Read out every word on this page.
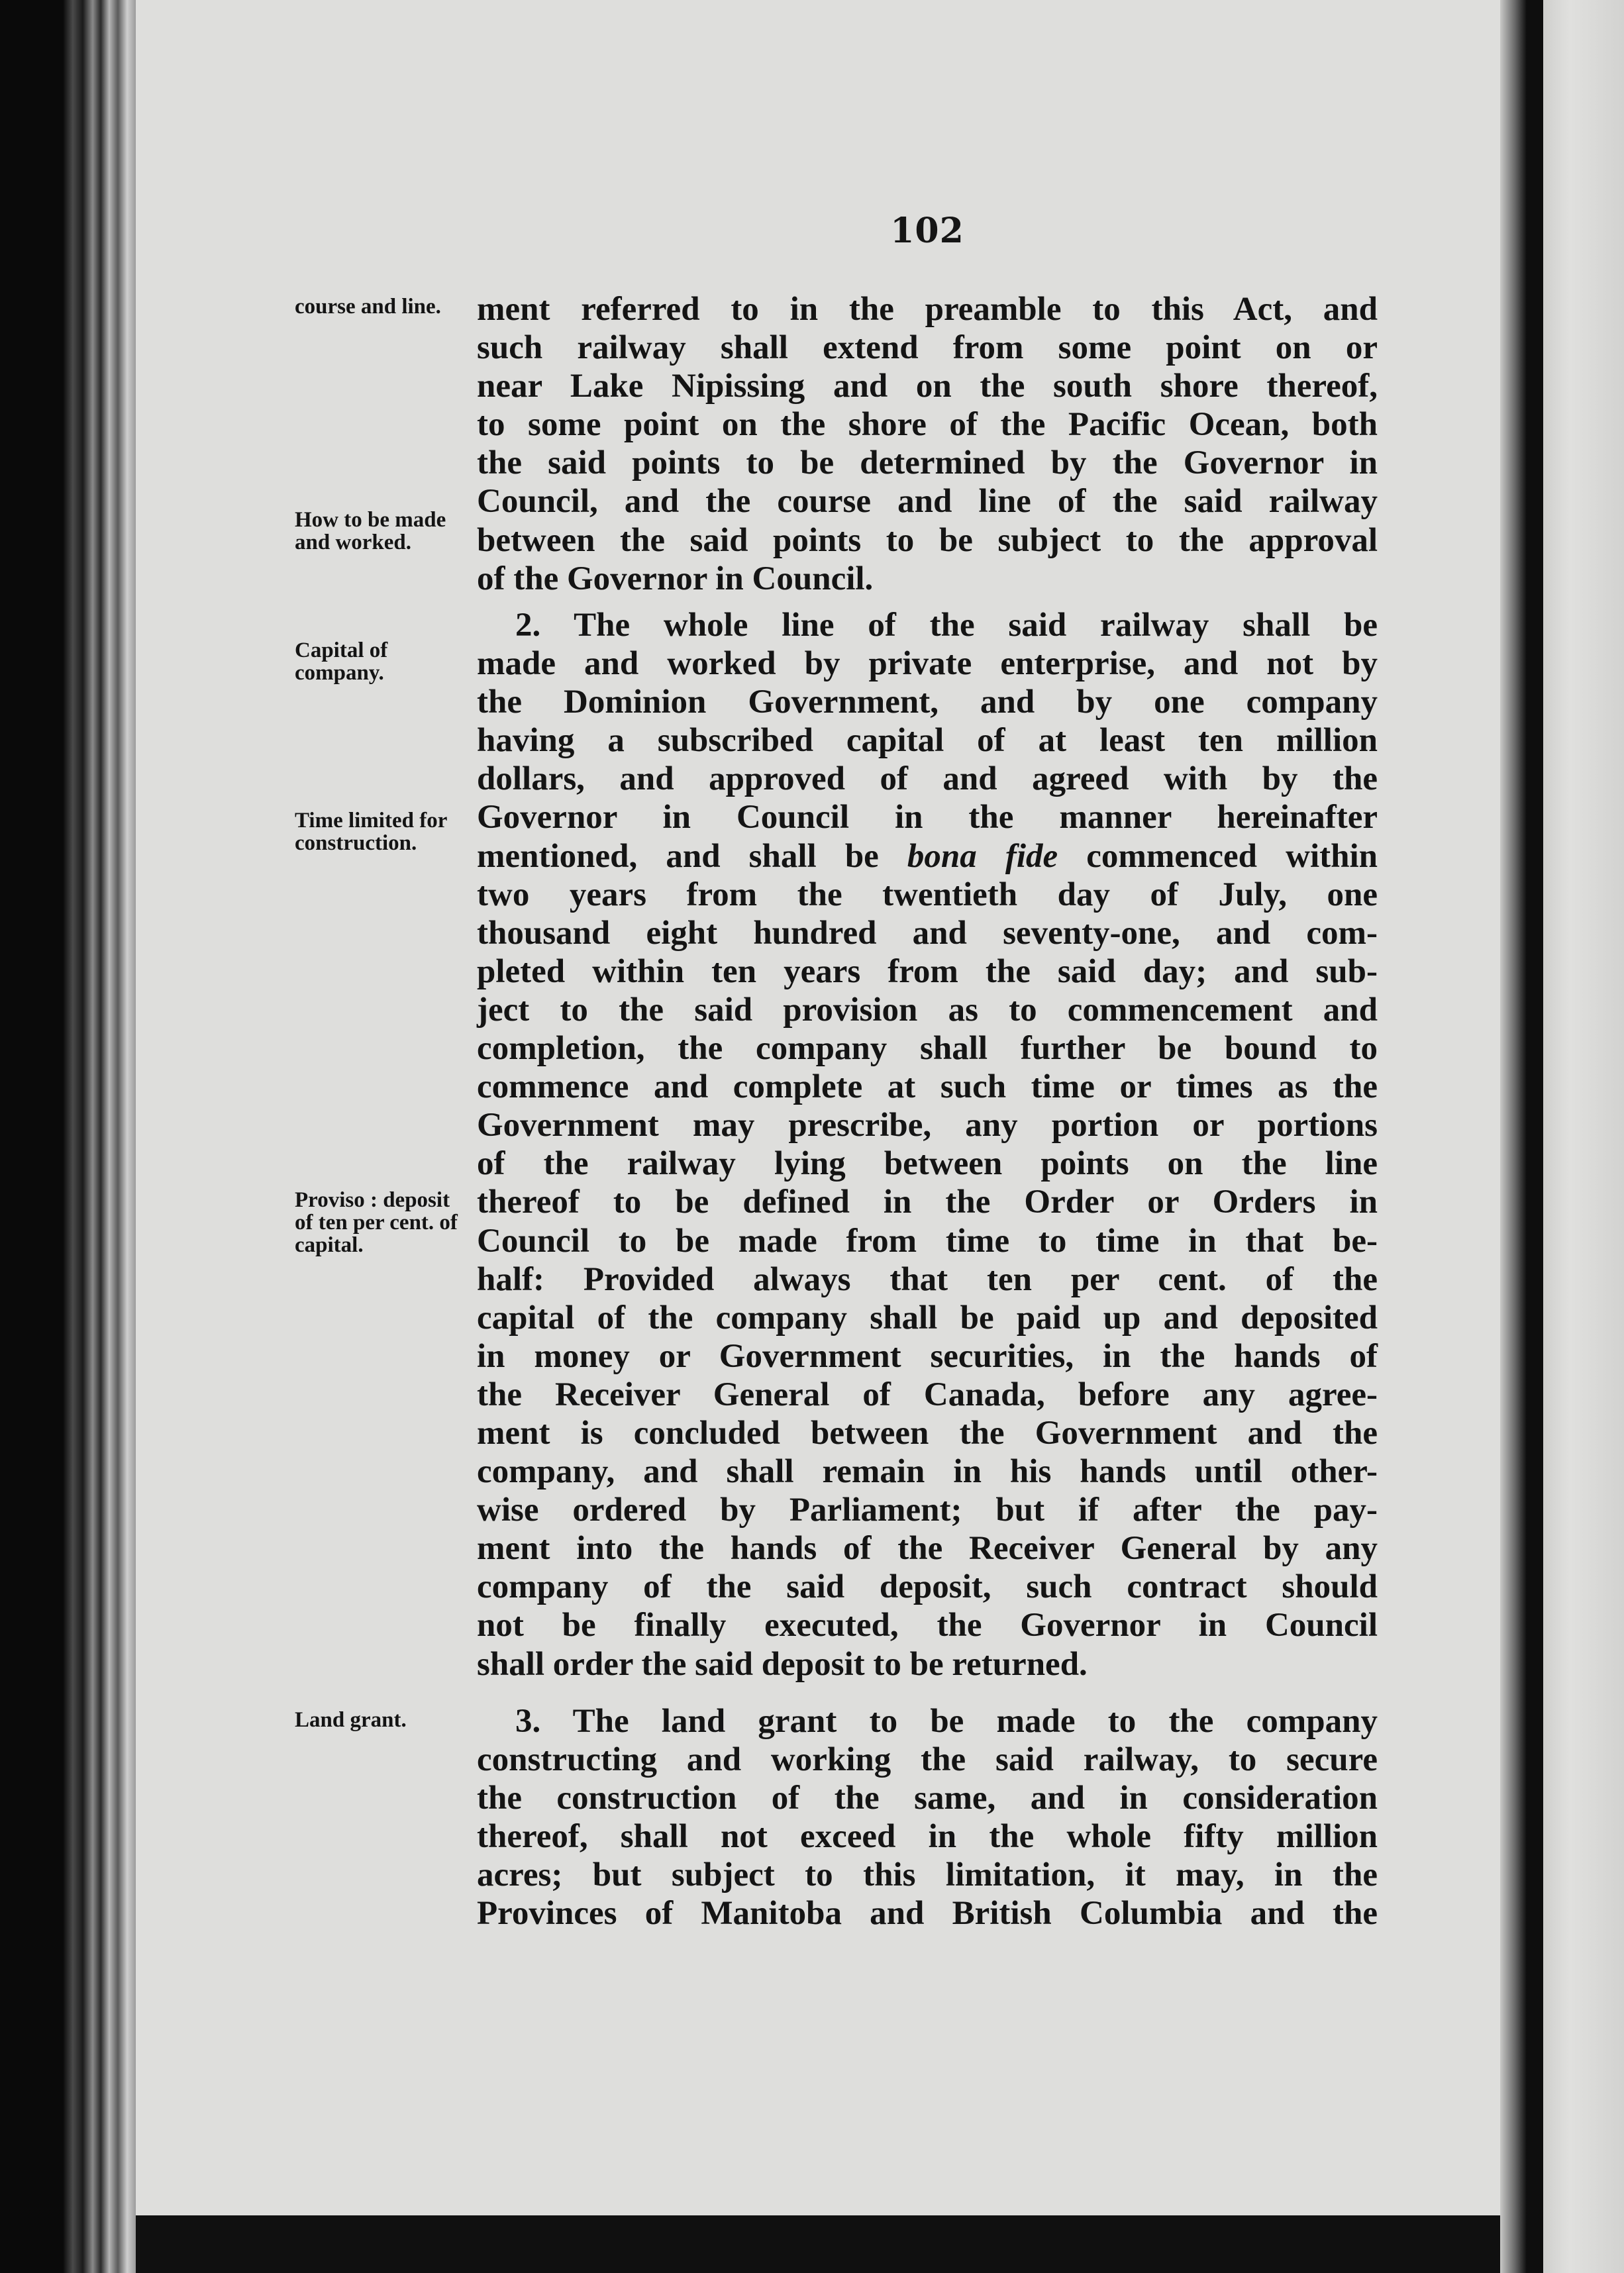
102
course and line.
How to be made and worked.
Capital of company.
Time limited for construction.
Proviso : deposit of ten per cent. of capital.
Land grant.
ment referred to in the preamble to this Act, and
such railway shall extend from some point on or
near Lake Nipissing and on the south shore thereof,
to some point on the shore of the Pacific Ocean, both
the said points to be determined by the Governor in
Council, and the course and line of the said railway
between the said points to be subject to the approval
of the Governor in Council.
2. The whole line of the said railway shall be
made and worked by private enterprise, and not by
the Dominion Government, and by one company
having a subscribed capital of at least ten million
dollars, and approved of and agreed with by the
Governor in Council in the manner hereinafter
mentioned, and shall be bona fide commenced within
two years from the twentieth day of July, one
thousand eight hundred and seventy-one, and com-
pleted within ten years from the said day; and sub-
ject to the said provision as to commencement and
completion, the company shall further be bound to
commence and complete at such time or times as the
Government may prescribe, any portion or portions
of the railway lying between points on the line
thereof to be defined in the Order or Orders in
Council to be made from time to time in that be-
half: Provided always that ten per cent. of the
capital of the company shall be paid up and deposited
in money or Government securities, in the hands of
the Receiver General of Canada, before any agree-
ment is concluded between the Government and the
company, and shall remain in his hands until other-
wise ordered by Parliament; but if after the pay-
ment into the hands of the Receiver General by any
company of the said deposit, such contract should
not be finally executed, the Governor in Council
shall order the said deposit to be returned.
3. The land grant to be made to the company
constructing and working the said railway, to secure
the construction of the same, and in consideration
thereof, shall not exceed in the whole fifty million
acres; but subject to this limitation, it may, in the
Provinces of Manitoba and British Columbia and the
